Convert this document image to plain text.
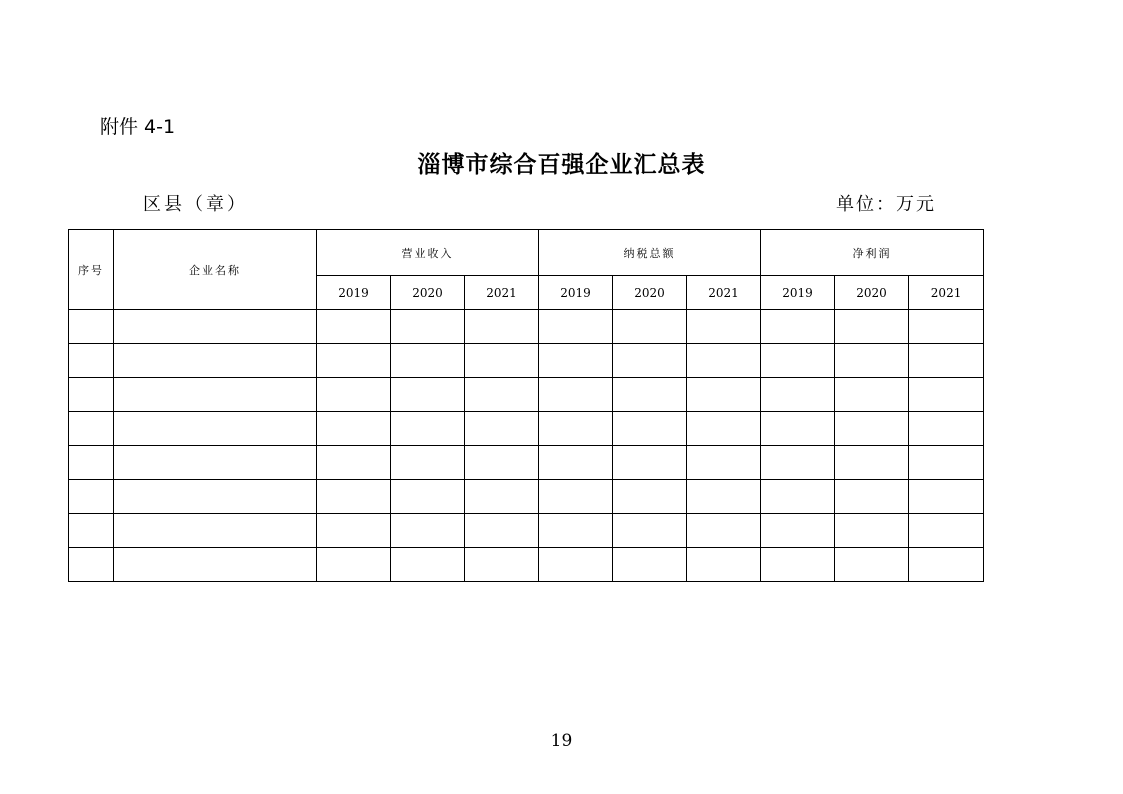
附件 4-1
淄博市综合百强企业汇总表
区县（章）	单位：万元
序号	企业名称	营业收入			纳税总额			净利润		
		2019	2020	2021	2019	2020	2021	2019	2020	2021

19
